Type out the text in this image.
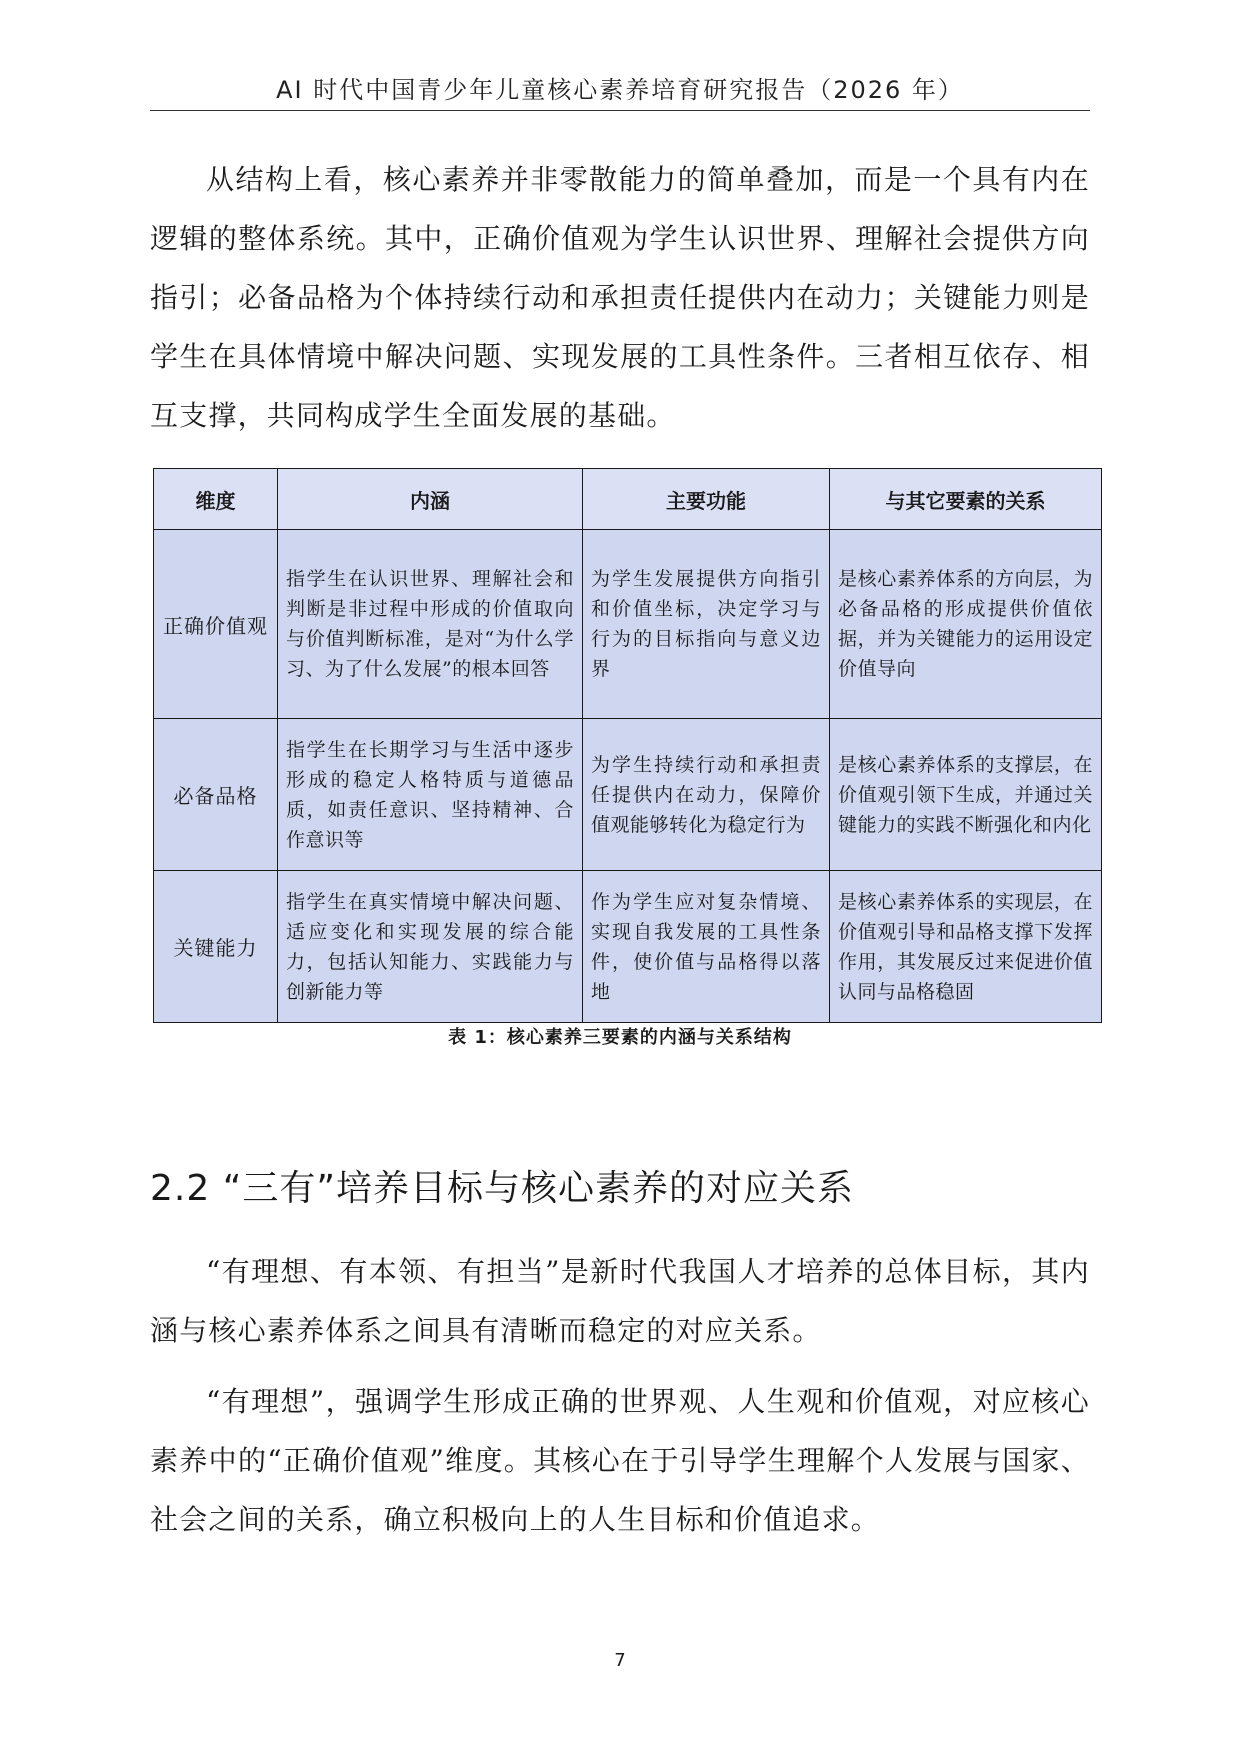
AI 时代中国青少年儿童核心素养培育研究报告（2026 年）

从结构上看，核心素养并非零散能力的简单叠加，而是一个具有内在逻辑的整体系统。其中，正确价值观为学生认识世界、理解社会提供方向指引；必备品格为个体持续行动和承担责任提供内在动力；关键能力则是学生在具体情境中解决问题、实现发展的工具性条件。三者相互依存、相互支撑，共同构成学生全面发展的基础。

维度	内涵	主要功能	与其它要素的关系
正确价值观	指学生在认识世界、理解社会和判断是非过程中形成的价值取向与价值判断标准，是对“为什么学习、为了什么发展”的根本回答	为学生发展提供方向指引和价值坐标，决定学习与行为的目标指向与意义边界	是核心素养体系的方向层，为必备品格的形成提供价值依据，并为关键能力的运用设定价值导向
必备品格	指学生在长期学习与生活中逐步形成的稳定人格特质与道德品质，如责任意识、坚持精神、合作意识等	为学生持续行动和承担责任提供内在动力，保障价值观能够转化为稳定行为	是核心素养体系的支撑层，在价值观引领下生成，并通过关键能力的实践不断强化和内化
关键能力	指学生在真实情境中解决问题、适应变化和实现发展的综合能力，包括认知能力、实践能力与创新能力等	作为学生应对复杂情境、实现自我发展的工具性条件，使价值与品格得以落地	是核心素养体系的实现层，在价值观引导和品格支撑下发挥作用，其发展反过来促进价值认同与品格稳固
表 1：核心素养三要素的内涵与关系结构
2.2 “三有”培养目标与核心素养的对应关系

“有理想、有本领、有担当”是新时代我国人才培养的总体目标，其内涵与核心素养体系之间具有清晰而稳定的对应关系。

“有理想”，强调学生形成正确的世界观、人生观和价值观，对应核心素养中的“正确价值观”维度。其核心在于引导学生理解个人发展与国家、社会之间的关系，确立积极向上的人生目标和价值追求。

7
